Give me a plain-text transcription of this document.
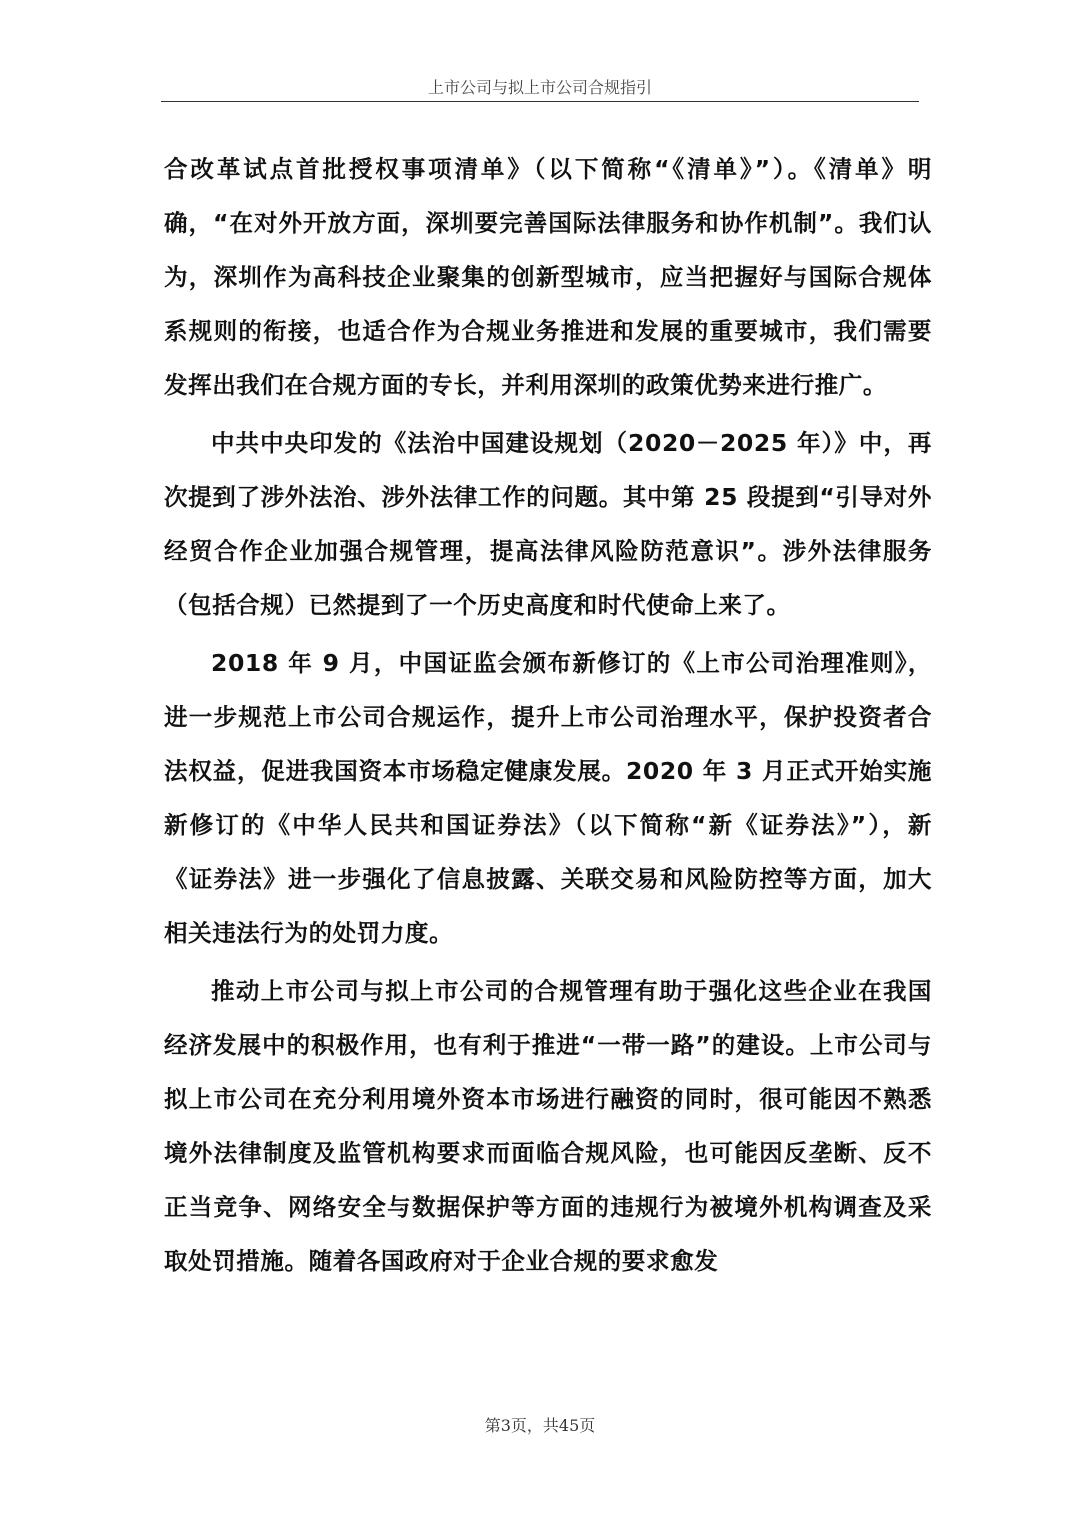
上市公司与拟上市公司合规指引

合改革试点首批授权事项清单》（以下简称“《清单》”）。《清单》明确，“在对外开放方面，深圳要完善国际法律服务和协作机制”。我们认为，深圳作为高科技企业聚集的创新型城市，应当把握好与国际合规体系规则的衔接，也适合作为合规业务推进和发展的重要城市，我们需要发挥出我们在合规方面的专长，并利用深圳的政策优势来进行推广。

中共中央印发的《法治中国建设规划（2020－2025 年）》中，再次提到了涉外法治、涉外法律工作的问题。其中第 25 段提到“引导对外经贸合作企业加强合规管理，提高法律风险防范意识”。涉外法律服务（包括合规）已然提到了一个历史高度和时代使命上来了。

2018 年 9 月，中国证监会颁布新修订的《上市公司治理准则》，进一步规范上市公司合规运作，提升上市公司治理水平，保护投资者合法权益，促进我国资本市场稳定健康发展。2020 年 3 月正式开始实施新修订的《中华人民共和国证券法》（以下简称“新《证券法》”），新《证券法》进一步强化了信息披露、关联交易和风险防控等方面，加大相关违法行为的处罚力度。

推动上市公司与拟上市公司的合规管理有助于强化这些企业在我国经济发展中的积极作用，也有利于推进“一带一路”的建设。上市公司与拟上市公司在充分利用境外资本市场进行融资的同时，很可能因不熟悉境外法律制度及监管机构要求而面临合规风险，也可能因反垄断、反不正当竞争、网络安全与数据保护等方面的违规行为被境外机构调查及采取处罚措施。随着各国政府对于企业合规的要求愈发

第3页，共45页
